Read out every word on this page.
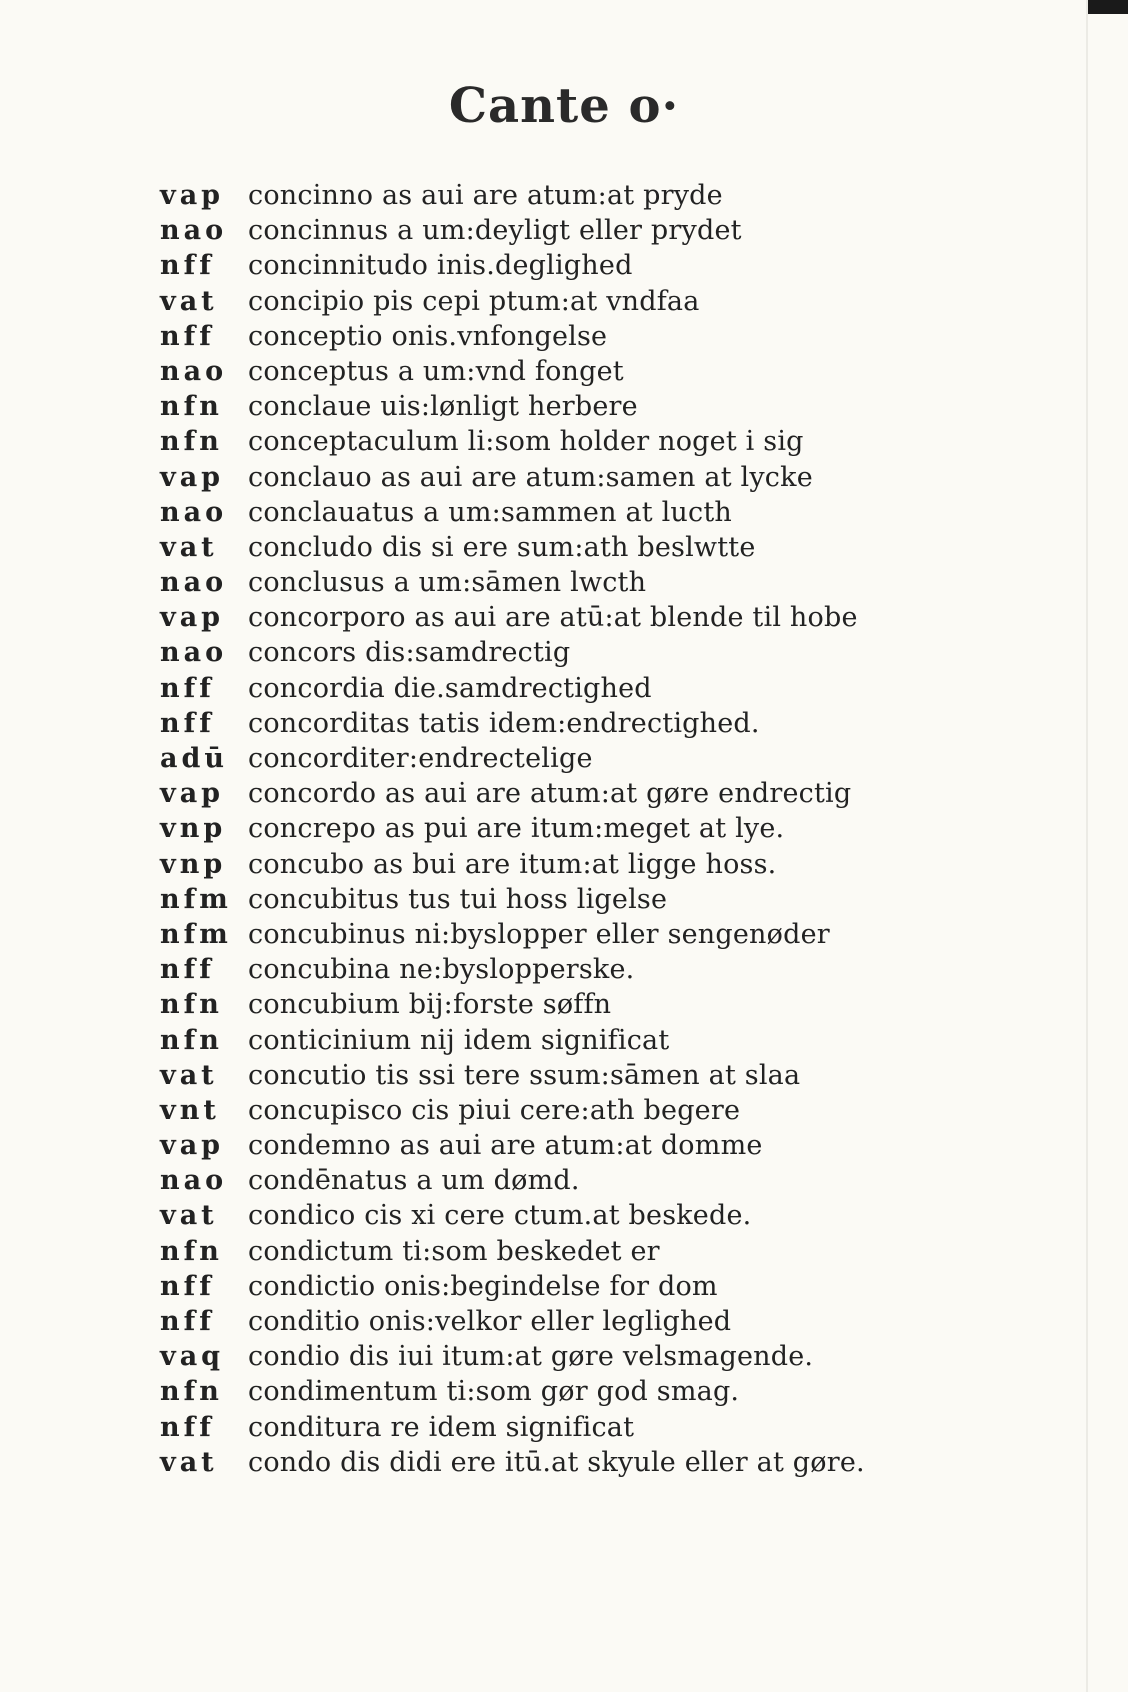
Cante o·
vap concinno as aui are atum:at pryde
nao concinnus a um:deyligt eller prydet
nff	concinnitudo inis.deglighed
vat	concipio pis cepi ptum:at vndfaa
nff	conceptio onis.vnfongelse
nao conceptus a um:vnd fonget
nfn conclaue uis:lønligt herbere
nfn conceptaculum li:som holder noget i sig
vap conclauo as aui are atum:samen at lycke
nao conclauatus a um:sammen at lucth
vat	concludo dis si ere sum:ath beslwtte
nao conclusus a um:sāmen lwcth
vap concorporo as aui are atū:at blende til hobe
nao concors dis:samdrectig
nff	concordia die.samdrectighed
nff	concorditas tatis idem:endrectighed.
adū concorditer:endrectelige
vap concordo as aui are atum:at gøre endrectig
vnp concrepo as pui are itum:meget at lye.
vnp concubo as bui are itum:at ligge hoss.
nfm concubitus tus tui hoss ligelse
nfm concubinus ni:byslopper eller sengenøder
nff	concubina ne:byslopperske.
nfn concubium bij:forste søffn
nfn conticinium nij idem significat
vat	concutio tis ssi tere ssum:sāmen at slaa
vnt	concupisco cis piui cere:ath begere
vap condemno as aui are atum:at domme
nao condēnatus a um dømd.
vat	condico cis xi cere ctum.at beskede.
nfn condictum ti:som beskedet er
nff	condictio onis:begindelse for dom
nff	conditio onis:velkor eller leglighed
vaq condio dis iui itum:at gøre velsmagende.
nfn condimentum ti:som gør god smag.
nff	conditura re idem significat
vat	condo dis didi ere itū.at skyule eller at gøre.
